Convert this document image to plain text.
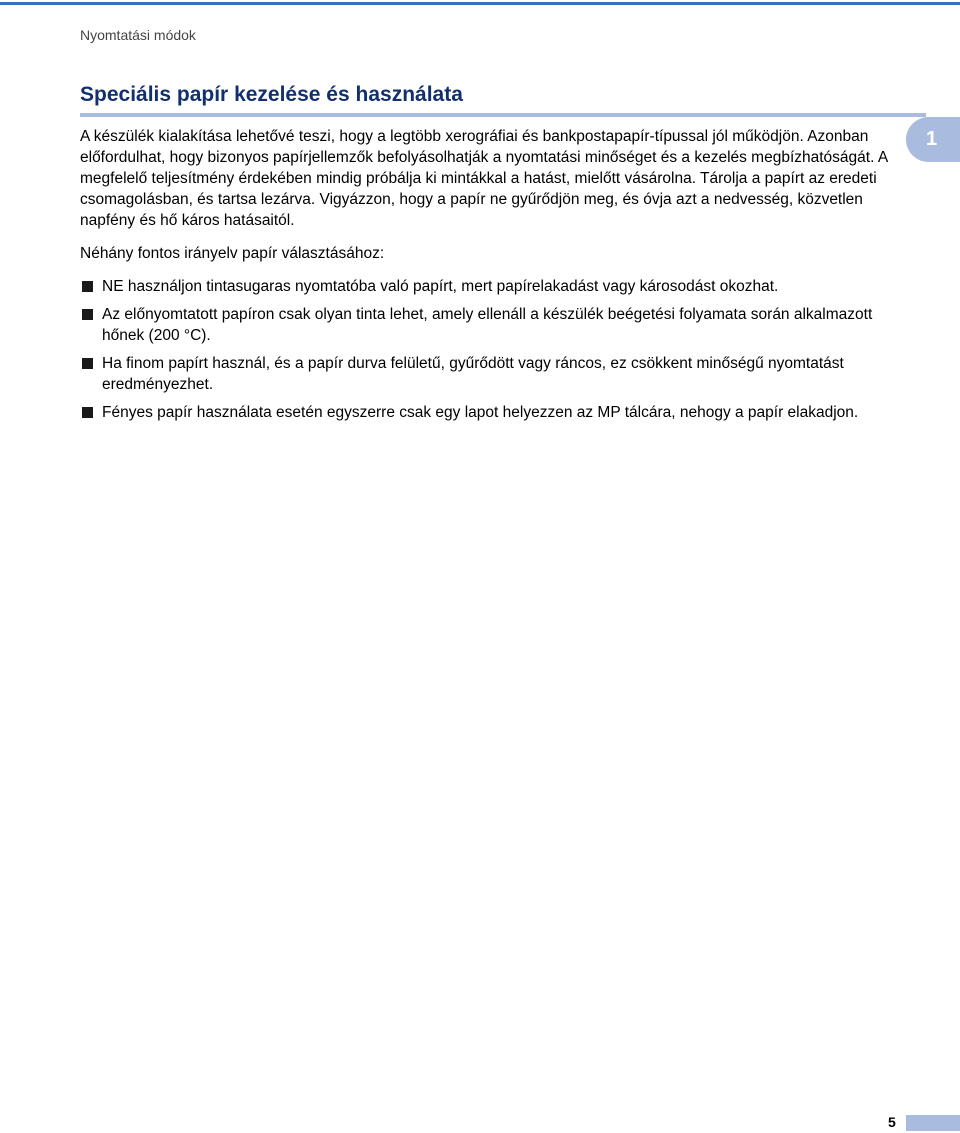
Nyomtatási módok
Speciális papír kezelése és használata
1

A készülék kialakítása lehetővé teszi, hogy a legtöbb xerográfiai és bankpostapapír-típussal jól működjön. Azonban előfordulhat, hogy bizonyos papírjellemzők befolyásolhatják a nyomtatási minőséget és a kezelés megbízhatóságát. A megfelelő teljesítmény érdekében mindig próbálja ki mintákkal a hatást, mielőtt vásárolna. Tárolja a papírt az eredeti csomagolásban, és tartsa lezárva. Vigyázzon, hogy a papír ne gyűrődjön meg, és óvja azt a nedvesség, közvetlen napfény és hő káros hatásaitól.

Néhány fontos irányelv papír választásához:

NE használjon tintasugaras nyomtatóba való papírt, mert papírelakadást vagy károsodást okozhat.
Az előnyomtatott papíron csak olyan tinta lehet, amely ellenáll a készülék beégetési folyamata során alkalmazott hőnek (200 °C).
Ha finom papírt használ, és a papír durva felületű, gyűrődött vagy ráncos, ez csökkent minőségű nyomtatást eredményezhet.
Fényes papír használata esetén egyszerre csak egy lapot helyezzen az MP tálcára, nehogy a papír elakadjon.
5
